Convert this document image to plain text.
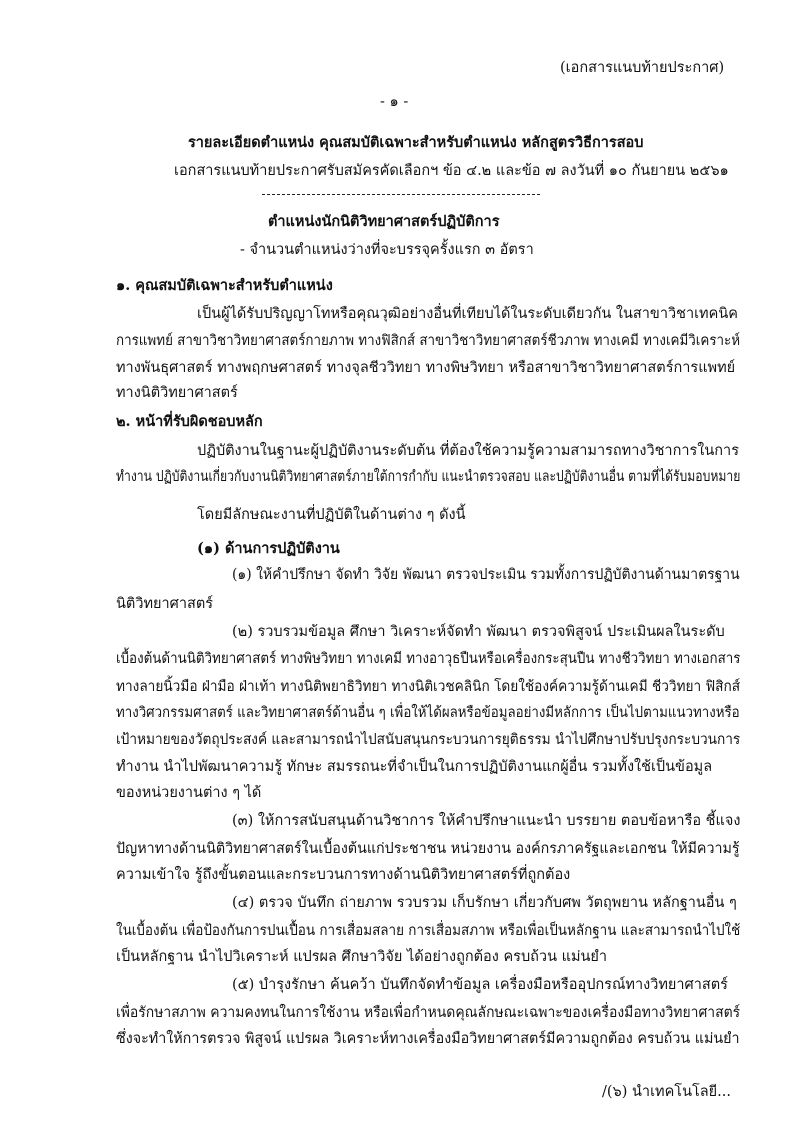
(เอกสารแนบท้ายประกาศ)
- ๑ -
รายละเอียดตำแหน่ง คุณสมบัติเฉพาะสำหรับตำแหน่ง หลักสูตรวิธีการสอบ
เอกสารแนบท้ายประกาศรับสมัครคัดเลือกฯ ข้อ ๔.๒ และข้อ ๗ ลงวันที่ ๑๐ กันยายน ๒๕๖๑
ตำแหน่งนักนิติวิทยาศาสตร์ปฏิบัติการ
- จำนวนตำแหน่งว่างที่จะบรรจุครั้งแรก ๓ อัตรา
๑. คุณสมบัติเฉพาะสำหรับตำแหน่ง
เป็นผู้ได้รับปริญญาโทหรือคุณวุฒิอย่างอื่นที่เทียบได้ในระดับเดียวกัน ในสาขาวิชาเทคนิค
การแพทย์ สาขาวิชาวิทยาศาสตร์กายภาพ ทางฟิสิกส์ สาขาวิชาวิทยาศาสตร์ชีวภาพ ทางเคมี ทางเคมีวิเคราะห์
ทางพันธุศาสตร์ ทางพฤกษศาสตร์ ทางจุลชีววิทยา ทางพิษวิทยา หรือสาขาวิชาวิทยาศาสตร์การแพทย์
ทางนิติวิทยาศาสตร์
๒. หน้าที่รับผิดชอบหลัก
ปฏิบัติงานในฐานะผู้ปฏิบัติงานระดับต้น ที่ต้องใช้ความรู้ความสามารถทางวิชาการในการ
ทำงาน ปฏิบัติงานเกี่ยวกับงานนิติวิทยาศาสตร์ภายใต้การกำกับ แนะนำตรวจสอบ และปฏิบัติงานอื่น ตามที่ได้รับมอบหมาย
โดยมีลักษณะงานที่ปฏิบัติในด้านต่าง ๆ ดังนี้
(๑) ด้านการปฏิบัติงาน
(๑) ให้คำปรึกษา จัดทำ วิจัย พัฒนา ตรวจประเมิน รวมทั้งการปฏิบัติงานด้านมาตรฐาน
นิติวิทยาศาสตร์
(๒) รวบรวมข้อมูล ศึกษา วิเคราะห์จัดทำ พัฒนา ตรวจพิสูจน์ ประเมินผลในระดับ
เบื้องต้นด้านนิติวิทยาศาสตร์ ทางพิษวิทยา ทางเคมี ทางอาวุธปืนหรือเครื่องกระสุนปืน ทางชีววิทยา ทางเอกสาร
ทางลายนิ้วมือ ฝ่ามือ ฝ่าเท้า ทางนิติพยาธิวิทยา ทางนิติเวชคลินิก โดยใช้องค์ความรู้ด้านเคมี ชีววิทยา ฟิสิกส์
ทางวิศวกรรมศาสตร์ และวิทยาศาสตร์ด้านอื่น ๆ เพื่อให้ได้ผลหรือข้อมูลอย่างมีหลักการ เป็นไปตามแนวทางหรือ
เป้าหมายของวัตถุประสงค์ และสามารถนำไปสนับสนุนกระบวนการยุติธรรม นำไปศึกษาปรับปรุงกระบวนการ
ทำงาน นำไปพัฒนาความรู้ ทักษะ สมรรถนะที่จำเป็นในการปฏิบัติงานแกผู้อื่น รวมทั้งใช้เป็นข้อมูล
ของหน่วยงานต่าง ๆ ได้
(๓) ให้การสนับสนุนด้านวิชาการ ให้คำปรึกษาแนะนำ บรรยาย ตอบข้อหารือ ชี้แจง
ปัญหาทางด้านนิติวิทยาศาสตร์ในเบื้องต้นแก่ประชาชน หน่วยงาน องค์กรภาครัฐและเอกชน ให้มีความรู้
ความเข้าใจ รู้ถึงขั้นตอนและกระบวนการทางด้านนิติวิทยาศาสตร์ที่ถูกต้อง
(๔) ตรวจ บันทึก ถ่ายภาพ รวบรวม เก็บรักษา เกี่ยวกับศพ วัตถุพยาน หลักฐานอื่น ๆ
ในเบื้องต้น เพื่อป้องกันการปนเปื้อน การเสื่อมสลาย การเสื่อมสภาพ หรือเพื่อเป็นหลักฐาน และสามารถนำไปใช้
เป็นหลักฐาน นำไปวิเคราะห์ แปรผล ศึกษาวิจัย ได้อย่างถูกต้อง ครบถ้วน แม่นยำ
(๕) บำรุงรักษา ค้นคว้า บันทึกจัดทำข้อมูล เครื่องมือหรืออุปกรณ์ทางวิทยาศาสตร์
เพื่อรักษาสภาพ ความคงทนในการใช้งาน หรือเพื่อกำหนดคุณลักษณะเฉพาะของเครื่องมือทางวิทยาศาสตร์
ซึ่งจะทำให้การตรวจ พิสูจน์ แปรผล วิเคราะห์ทางเครื่องมือวิทยาศาสตร์มีความถูกต้อง ครบถ้วน แม่นยำ
/(๖) นำเทคโนโลยี...
